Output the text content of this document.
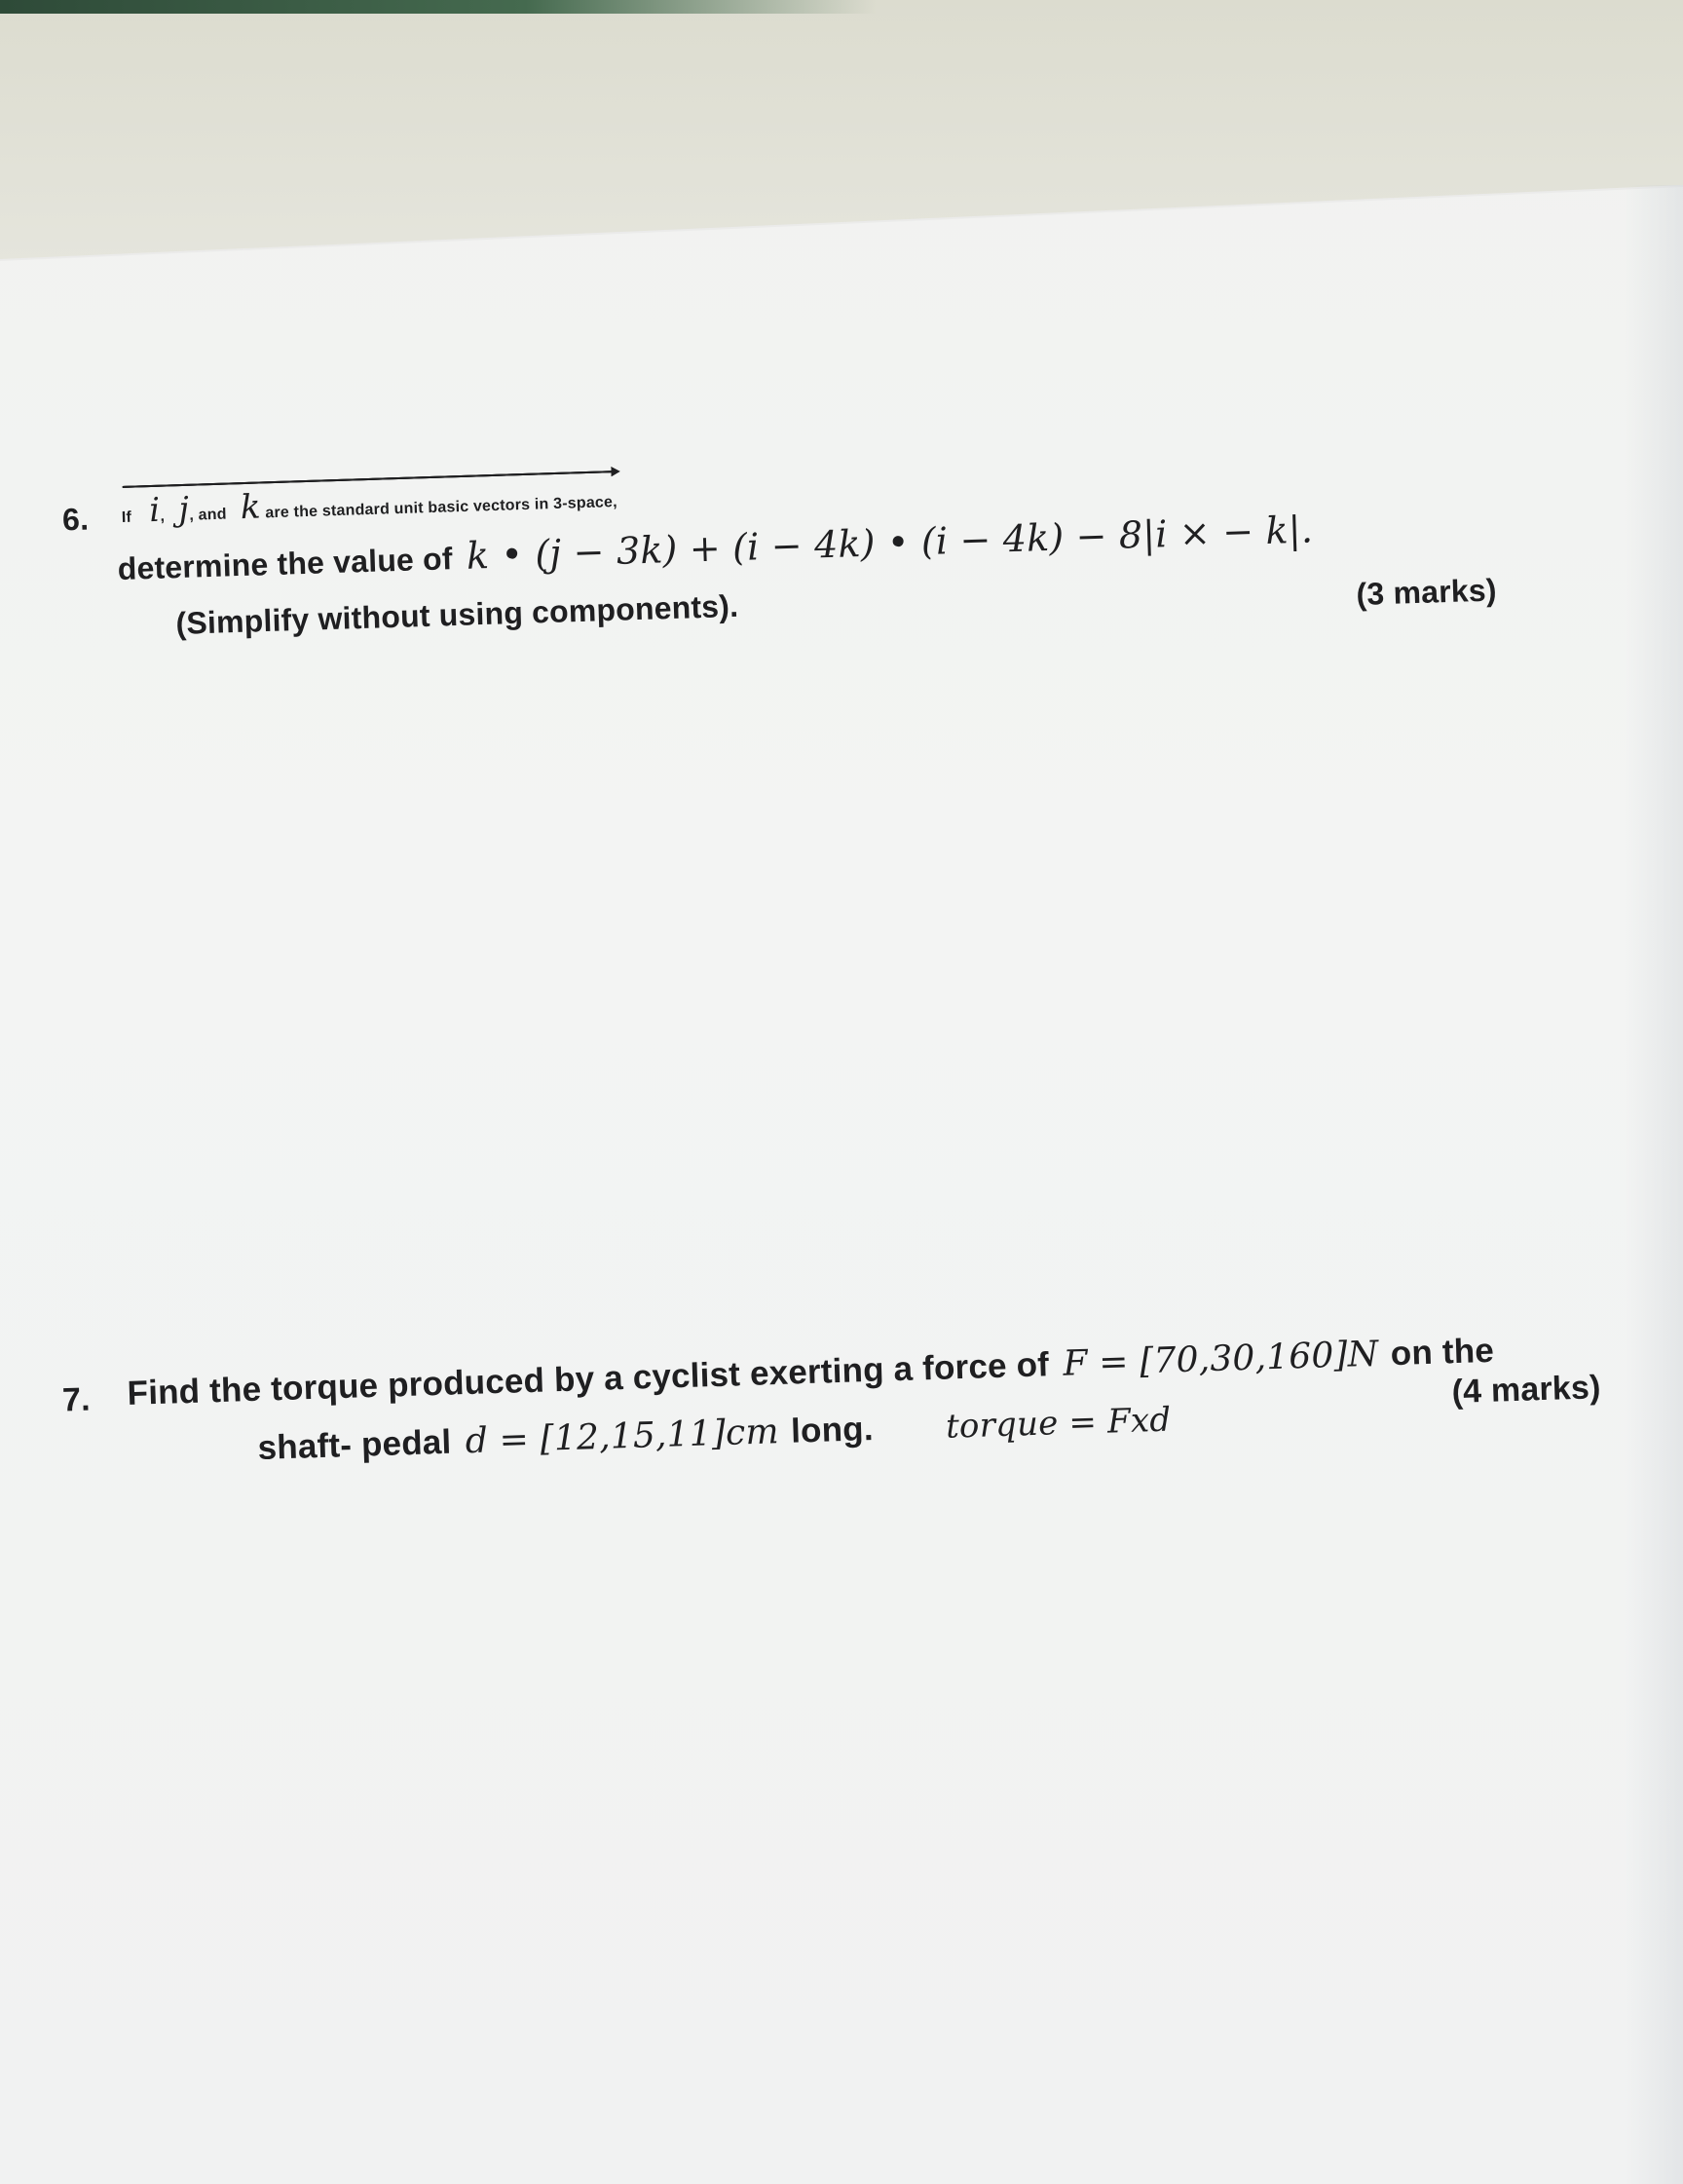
6. If i, j, and k are the standard unit basic vectors in 3-space,
determine the value of k • (j − 3k) + (i − 4k) • (i − 4k) − 8|i × − k|.
(Simplify without using components).	(3 marks)
7. Find the torque produced by a cyclist exerting a force of F = [70,30,160]N on the
(4 marks)
shaft- pedal d = [12,15,11]cm long. torque = Fxd
